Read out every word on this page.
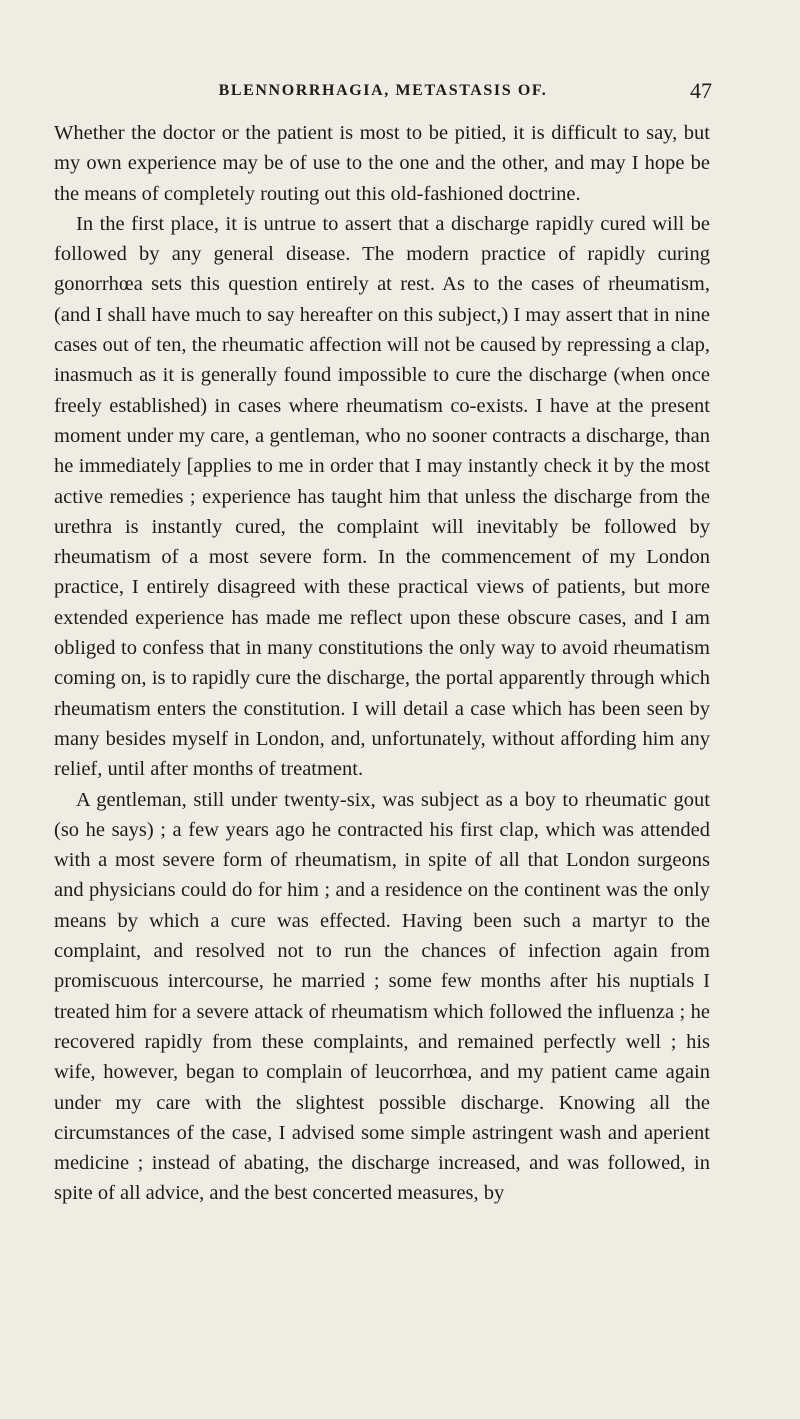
BLENNORRHAGIA, METASTASIS OF.	47

Whether the doctor or the patient is most to be pitied, it is difficult to say, but my own experience may be of use to the one and the other, and may I hope be the means of completely routing out this old-fashioned doctrine.

In the first place, it is untrue to assert that a discharge rapidly cured will be followed by any general disease. The modern practice of rapidly curing gonorrhœa sets this question entirely at rest. As to the cases of rheumatism, (and I shall have much to say hereafter on this subject,) I may assert that in nine cases out of ten, the rheumatic affection will not be caused by repressing a clap, inasmuch as it is generally found impossible to cure the discharge (when once freely established) in cases where rheumatism co-exists. I have at the present moment under my care, a gentleman, who no sooner contracts a discharge, than he immediately [applies to me in order that I may instantly check it by the most active remedies ; experience has taught him that unless the discharge from the urethra is instantly cured, the complaint will inevitably be followed by rheumatism of a most severe form. In the commencement of my London practice, I entirely disagreed with these practical views of patients, but more extended experience has made me reflect upon these obscure cases, and I am obliged to confess that in many constitutions the only way to avoid rheumatism coming on, is to rapidly cure the discharge, the portal apparently through which rheumatism enters the constitution. I will detail a case which has been seen by many besides myself in London, and, unfortunately, without affording him any relief, until after months of treatment.

A gentleman, still under twenty-six, was subject as a boy to rheumatic gout (so he says) ; a few years ago he contracted his first clap, which was attended with a most severe form of rheumatism, in spite of all that London surgeons and physicians could do for him ; and a residence on the continent was the only means by which a cure was effected. Having been such a martyr to the complaint, and resolved not to run the chances of infection again from promiscuous intercourse, he married ; some few months after his nuptials I treated him for a severe attack of rheumatism which followed the influenza ; he recovered rapidly from these complaints, and remained perfectly well ; his wife, however, began to complain of leucorrhœa, and my patient came again under my care with the slightest possible discharge. Knowing all the circumstances of the case, I advised some simple astringent wash and aperient medicine ; instead of abating, the discharge increased, and was followed, in spite of all advice, and the best concerted measures, by
